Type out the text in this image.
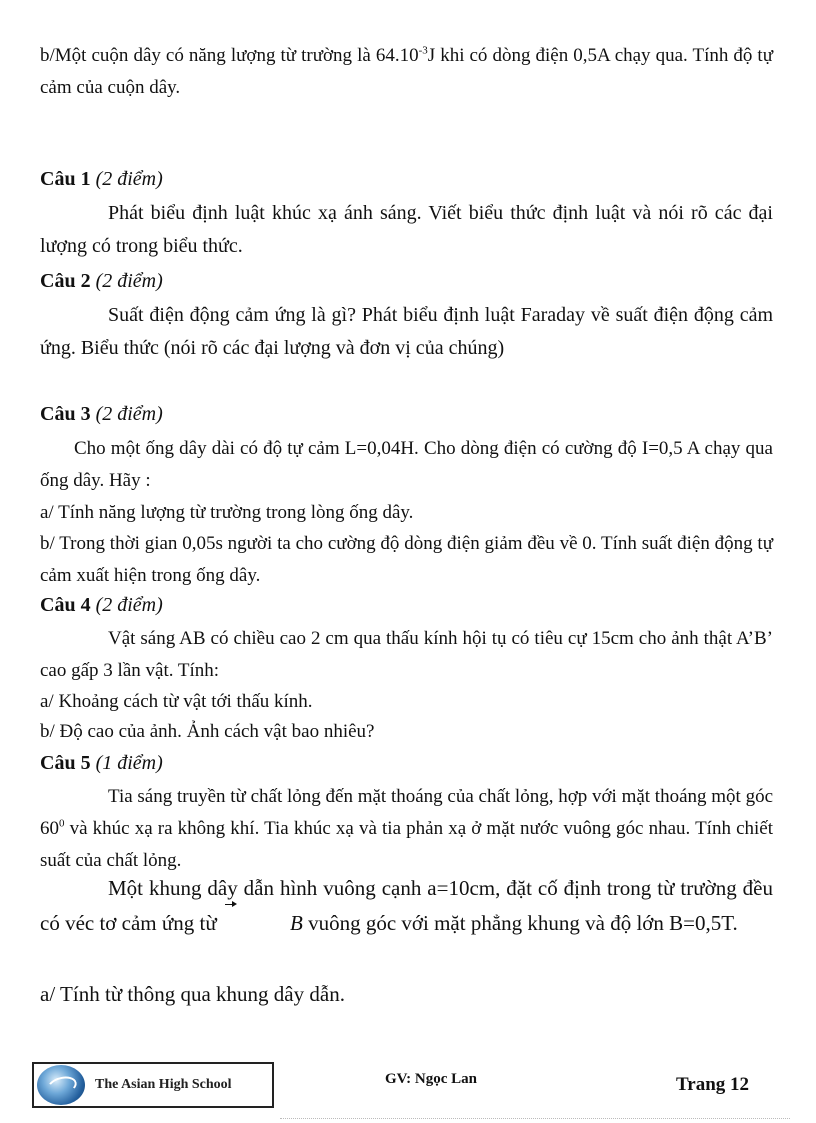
b/Một cuộn dây có năng lượng từ trường là $64.10^{-3}J$ khi có dòng điện 0,5A chạy qua. Tính độ tự cảm của cuộn dây.

Câu 1 (2 điểm)

Phát biểu định luật khúc xạ ánh sáng. Viết biểu thức định luật và nói rõ các đại lượng có trong biểu thức.

Câu 2 (2 điểm)

Suất điện động cảm ứng là gì? Phát biểu định luật Faraday về suất điện động cảm ứng. Biểu thức (nói rõ các đại lượng và đơn vị của chúng)

Câu 3 (2 điểm)

Cho một ống dây dài có độ tự cảm L=0,04H. Cho dòng điện có cường độ I=0,5 A chạy qua ống dây. Hãy :

a/ Tính năng lượng từ trường trong lòng ống dây.

b/ Trong thời gian 0,05s người ta cho cường độ dòng điện giảm đều về 0. Tính suất điện động tự cảm xuất hiện trong ống dây.

Câu 4 (2 điểm)

Vật sáng AB có chiều cao 2 cm qua thấu kính hội tụ có tiêu cự 15cm cho ảnh thật A’B’ cao gấp 3 lần vật. Tính:

a/ Khoảng cách từ vật tới thấu kính.

b/ Độ cao của ảnh. Ảnh cách vật bao nhiêu?

Câu 5 (1 điểm)

Tia sáng truyền từ chất lỏng đến mặt thoáng của chất lỏng, hợp với mặt thoáng một góc $60^0$ và khúc xạ ra không khí. Tia khúc xạ và tia phản xạ ở mặt nước vuông góc nhau. Tính chiết suất của chất lỏng.

Một khung dây dẫn hình vuông cạnh a=10cm, đặt cố định trong từ trường đều có véc tơ cảm ứng từ	B vuông góc với mặt phẳng khung và độ lớn B=0,5T.

a/ Tính từ thông qua khung dây dẫn.

The Asian High School	GV: Ngọc Lan	Trang 12
